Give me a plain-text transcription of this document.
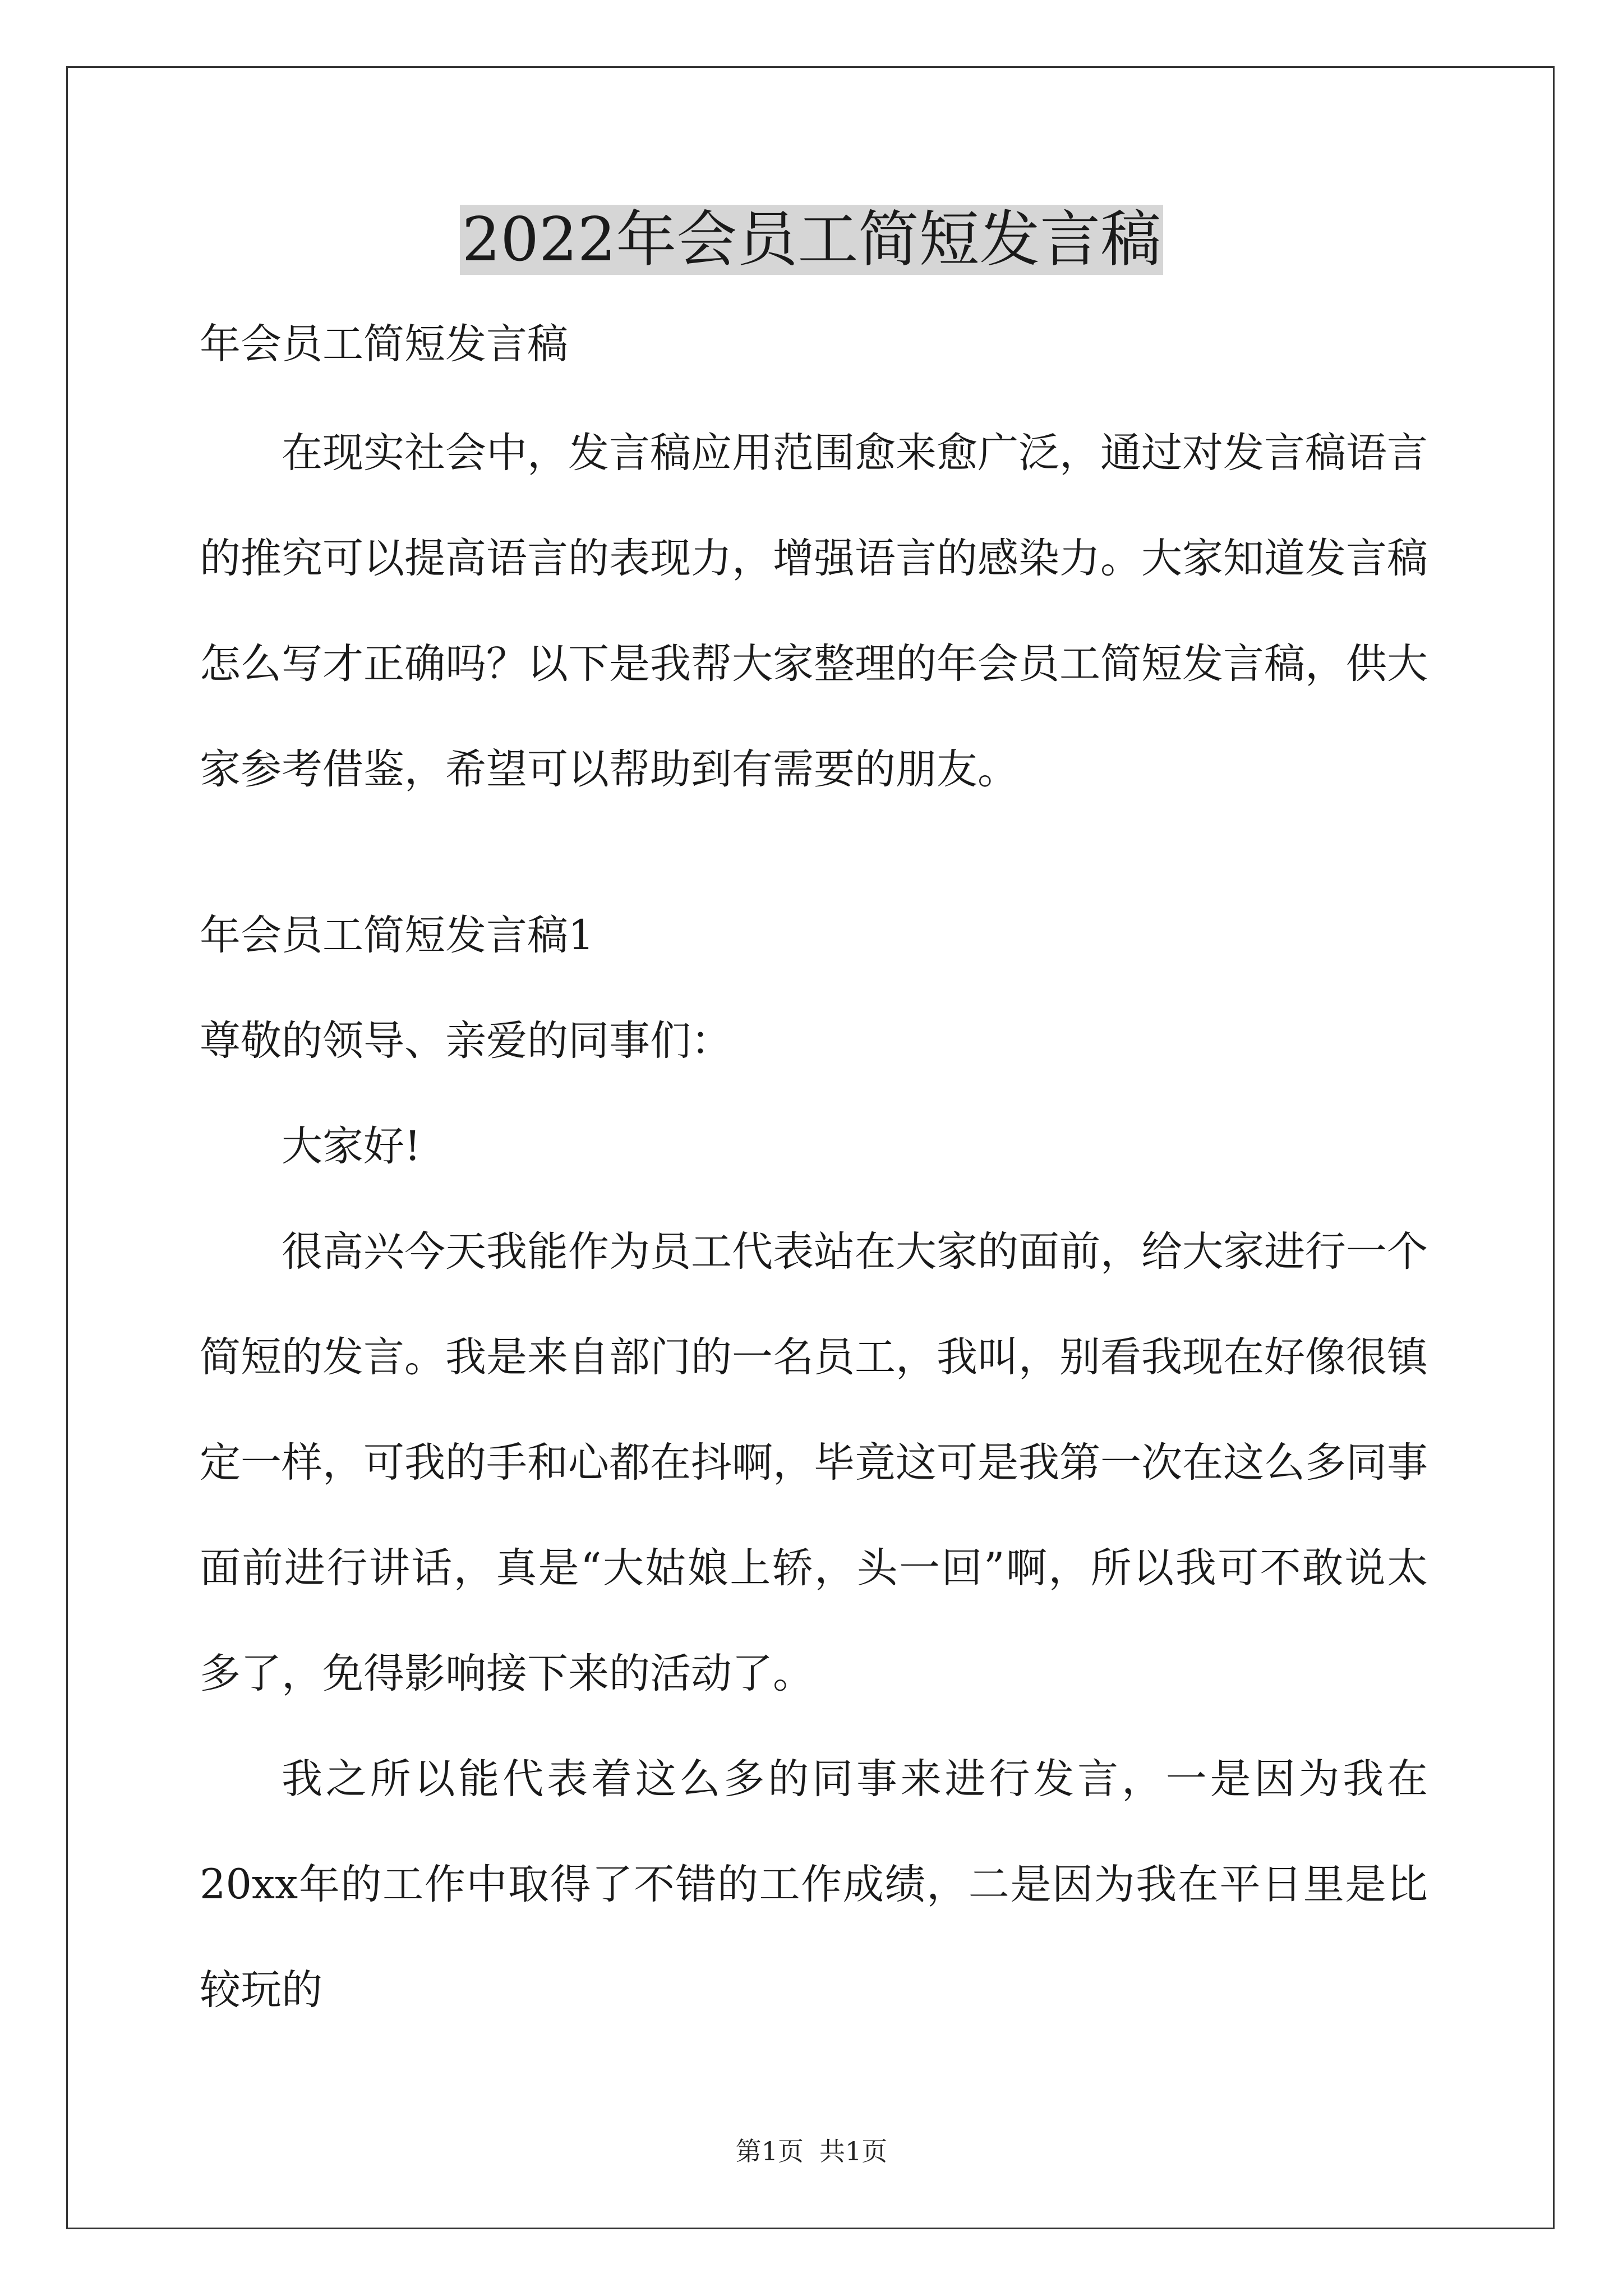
2022年会员工简短发言稿

年会员工简短发言稿

在现实社会中，发言稿应用范围愈来愈广泛，通过对发言稿语言的推究可以提高语言的表现力，增强语言的感染力。大家知道发言稿怎么写才正确吗？以下是我帮大家整理的年会员工简短发言稿，供大家参考借鉴，希望可以帮助到有需要的朋友。

年会员工简短发言稿1

尊敬的领导、亲爱的同事们：

大家好!

很高兴今天我能作为员工代表站在大家的面前，给大家进行一个简短的发言。我是来自部门的一名员工，我叫，别看我现在好像很镇定一样，可我的手和心都在抖啊，毕竟这可是我第一次在这么多同事面前进行讲话，真是“大姑娘上轿，头一回”啊，所以我可不敢说太多了，免得影响接下来的活动了。

我之所以能代表着这么多的同事来进行发言，一是因为我在20xx年的工作中取得了不错的工作成绩，二是因为我在平日里是比较玩的

第1页 共1页
